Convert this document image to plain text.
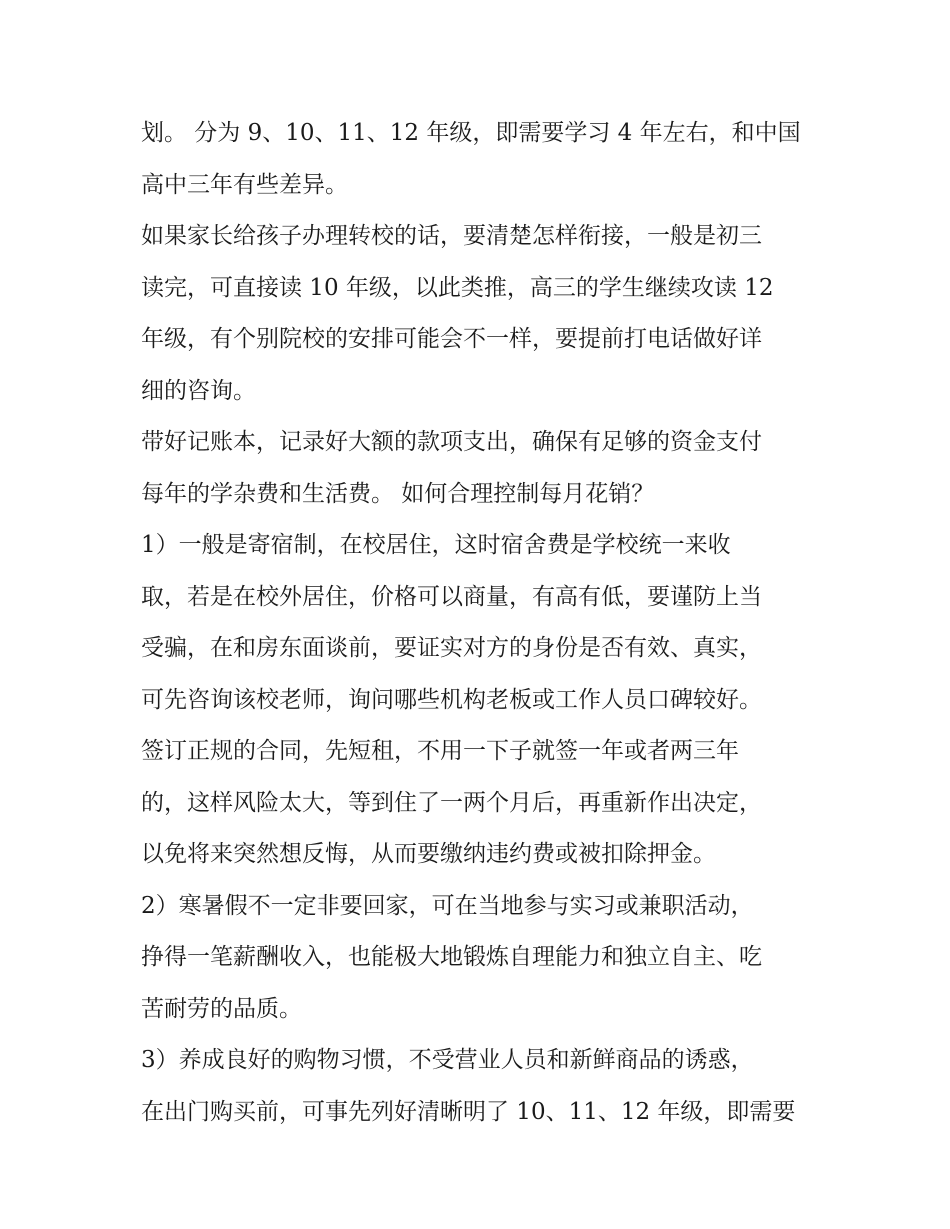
划。 分为 9、10、11、12 年级，即需要学习 4 年左右，和中国
高中三年有些差异。
如果家长给孩子办理转校的话，要清楚怎样衔接，一般是初三
读完，可直接读 10 年级，以此类推，高三的学生继续攻读 12
年级，有个别院校的安排可能会不一样，要提前打电话做好详
细的咨询。
带好记账本，记录好大额的款项支出，确保有足够的资金支付
每年的学杂费和生活费。 如何合理控制每月花销？
1）一般是寄宿制，在校居住，这时宿舍费是学校统一来收
取，若是在校外居住，价格可以商量，有高有低，要谨防上当
受骗，在和房东面谈前，要证实对方的身份是否有效、真实，
可先咨询该校老师，询问哪些机构老板或工作人员口碑较好。
签订正规的合同，先短租，不用一下子就签一年或者两三年
的，这样风险太大，等到住了一两个月后，再重新作出决定，
以免将来突然想反悔，从而要缴纳违约费或被扣除押金。
2）寒暑假不一定非要回家，可在当地参与实习或兼职活动，
挣得一笔薪酬收入，也能极大地锻炼自理能力和独立自主、吃
苦耐劳的品质。
3）养成良好的购物习惯，不受营业人员和新鲜商品的诱惑，
在出门购买前，可事先列好清晰明了 10、11、12 年级，即需要
